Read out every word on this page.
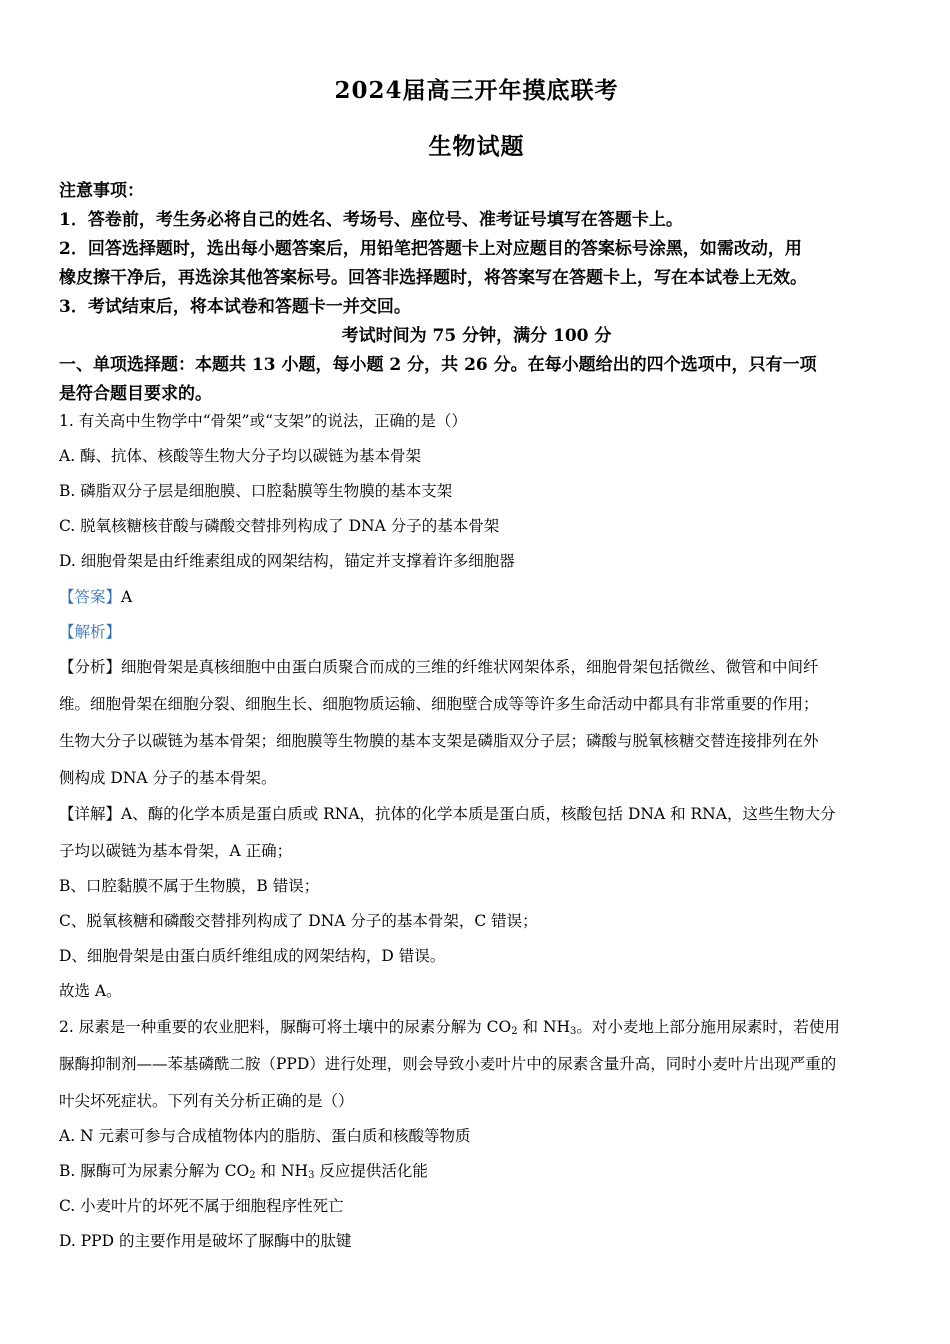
2024届高三开年摸底联考
生物试题
注意事项：
1．答卷前，考生务必将自己的姓名、考场号、座位号、准考证号填写在答题卡上。
2．回答选择题时，选出每小题答案后，用铅笔把答题卡上对应题目的答案标号涂黑，如需改动，用
橡皮擦干净后，再选涂其他答案标号。回答非选择题时，将答案写在答题卡上，写在本试卷上无效。
3．考试结束后，将本试卷和答题卡一并交回。
考试时间为 75 分钟，满分 100 分
一、单项选择题：本题共 13 小题，每小题 2 分，共 26 分。在每小题给出的四个选项中，只有一项
是符合题目要求的。
1. 有关高中生物学中“骨架”或“支架”的说法，正确的是（）
A. 酶、抗体、核酸等生物大分子均以碳链为基本骨架
B. 磷脂双分子层是细胞膜、口腔黏膜等生物膜的基本支架
C. 脱氧核糖核苷酸与磷酸交替排列构成了 DNA 分子的基本骨架
D. 细胞骨架是由纤维素组成的网架结构，锚定并支撑着许多细胞器
【答案】A
【解析】
【分析】细胞骨架是真核细胞中由蛋白质聚合而成的三维的纤维状网架体系，细胞骨架包括微丝、微管和中间纤
维。细胞骨架在细胞分裂、细胞生长、细胞物质运输、细胞壁合成等等许多生命活动中都具有非常重要的作用；
生物大分子以碳链为基本骨架；细胞膜等生物膜的基本支架是磷脂双分子层；磷酸与脱氧核糖交替连接排列在外
侧构成 DNA 分子的基本骨架。
【详解】A、酶的化学本质是蛋白质或 RNA，抗体的化学本质是蛋白质，核酸包括 DNA 和 RNA，这些生物大分
子均以碳链为基本骨架，A 正确；
B、口腔黏膜不属于生物膜，B 错误；
C、脱氧核糖和磷酸交替排列构成了 DNA 分子的基本骨架，C 错误；
D、细胞骨架是由蛋白质纤维组成的网架结构，D 错误。
故选 A。
2. 尿素是一种重要的农业肥料，脲酶可将土壤中的尿素分解为 $CO_2$ 和 $NH_3$。对小麦地上部分施用尿素时，若使用
脲酶抑制剂——苯基磷酰二胺（PPD）进行处理，则会导致小麦叶片中的尿素含量升高，同时小麦叶片出现严重的
叶尖坏死症状。下列有关分析正确的是（）
A. N 元素可参与合成植物体内的脂肪、蛋白质和核酸等物质
B. 脲酶可为尿素分解为 $CO_2$ 和 $NH_3$ 反应提供活化能
C. 小麦叶片的坏死不属于细胞程序性死亡
D. PPD 的主要作用是破坏了脲酶中的肽键
